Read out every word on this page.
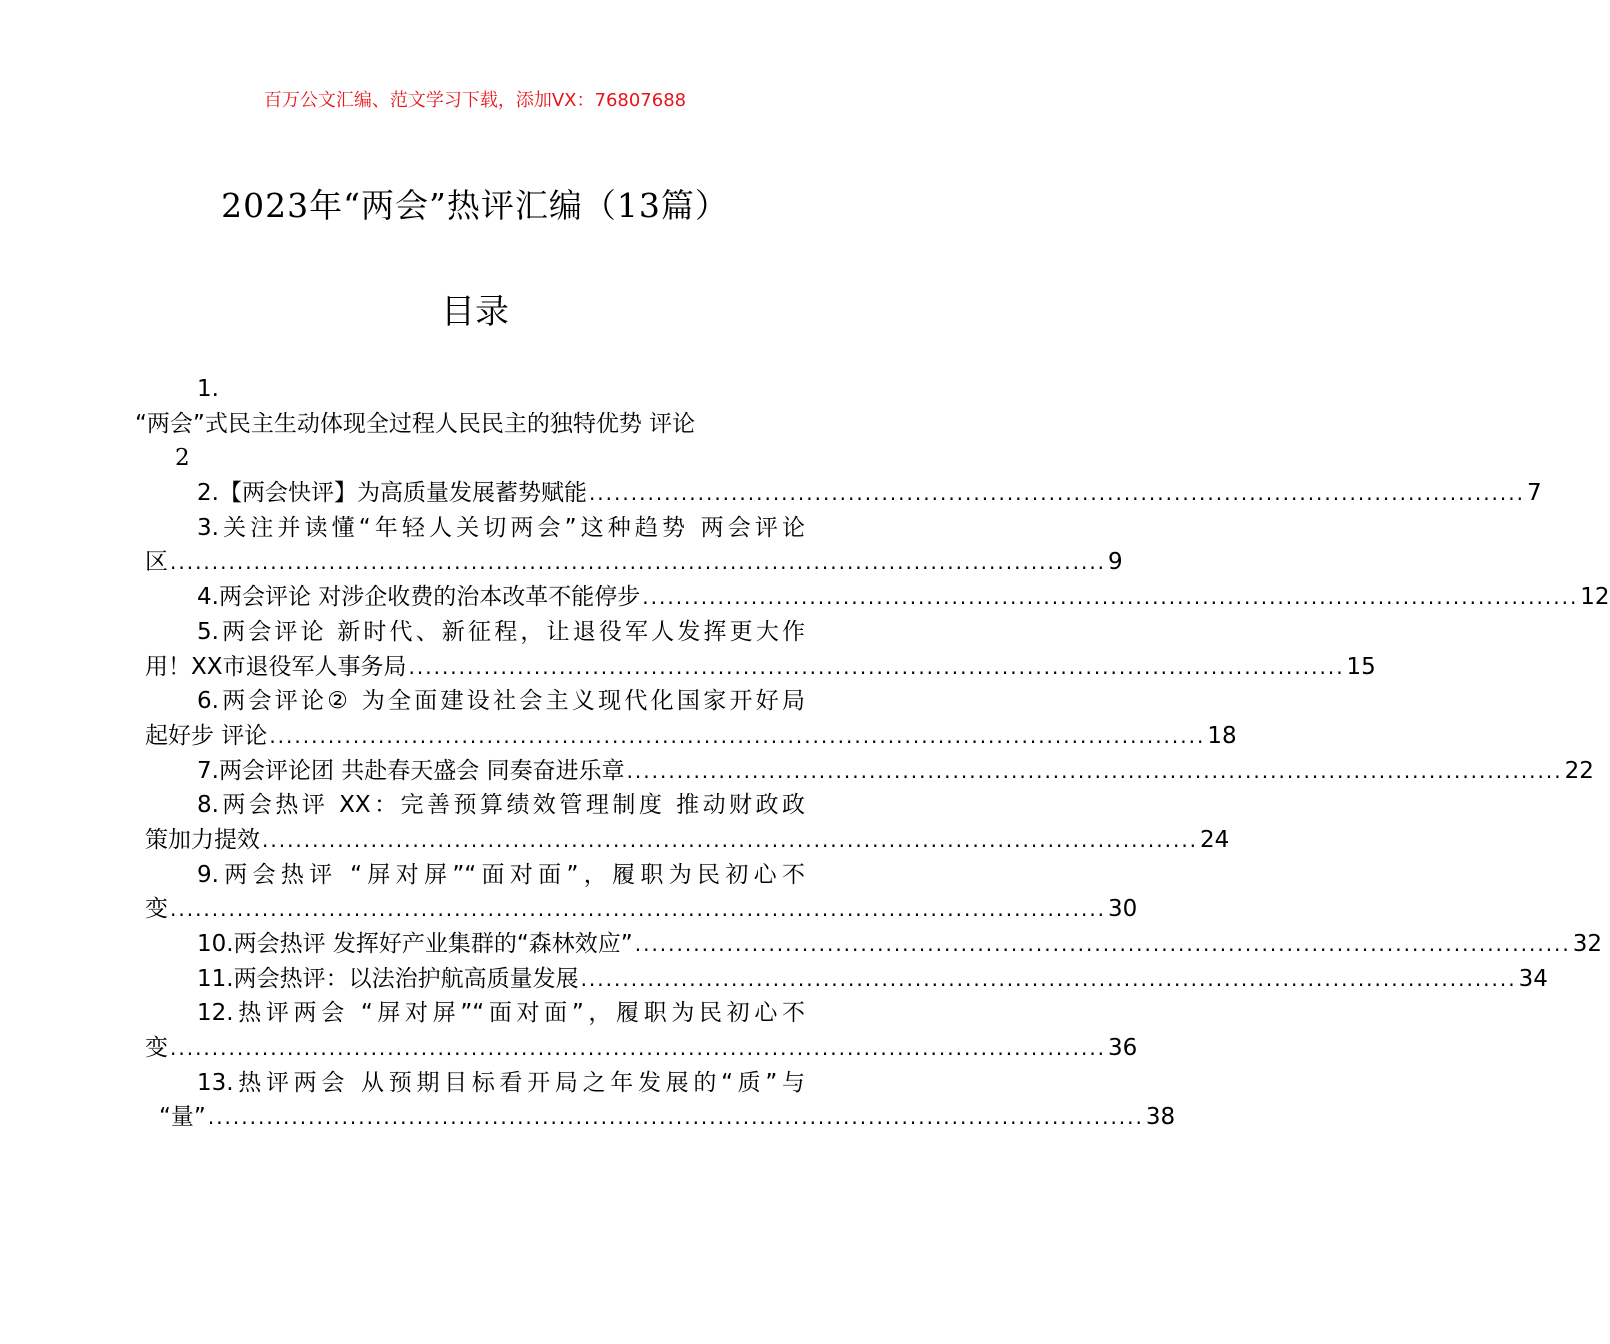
百万公文汇编、范文学习下载，添加VX：76807688
2023年“两会”热评汇编（13篇）
目录
1.
“两会”式民主生动体现全过程人民民主的独特优势 评论
2
2.【两会快评】为高质量发展蓄势赋能 ................................................................................................................ 7
3.关注并读懂“年轻人关切两会”这种趋势 两会评论
区 ................................................................................................................ 9
4.两会评论 对涉企收费的治本改革不能停步 ................................................................................................................ 12
5.两会评论 新时代、新征程，让退役军人发挥更大作
用！XX市退役军人事务局 ................................................................................................................ 15
6.两会评论② 为全面建设社会主义现代化国家开好局
起好步 评论 ................................................................................................................ 18
7.两会评论团 共赴春天盛会 同奏奋进乐章 ................................................................................................................ 22
8.两会热评 XX：完善预算绩效管理制度 推动财政政
策加力提效 ................................................................................................................ 24
9.两会热评 “屏对屏”“面对面”，履职为民初心不
变 ................................................................................................................ 30
10.两会热评 发挥好产业集群的“森林效应” ................................................................................................................ 32
11.两会热评：以法治护航高质量发展 ................................................................................................................ 34
12.热评两会 “屏对屏”“面对面”，履职为民初心不
变 ................................................................................................................ 36
13.热评两会 从预期目标看开局之年发展的“质”与
“量” ................................................................................................................ 38
